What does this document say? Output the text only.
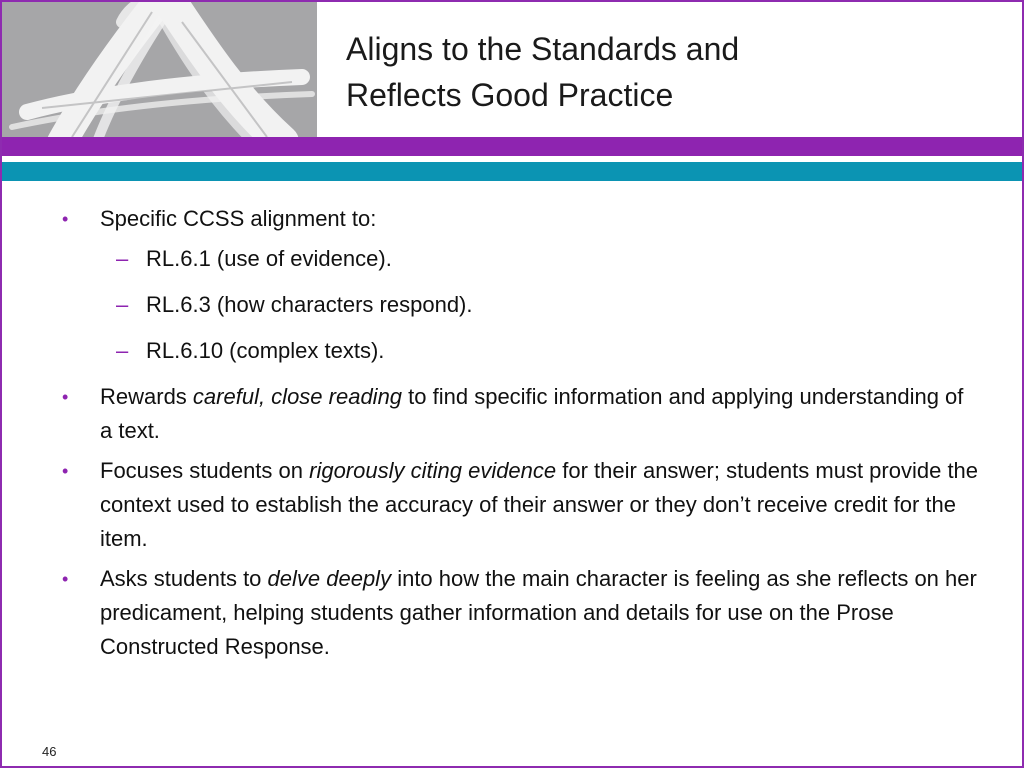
Aligns to the Standards and
Reflects Good Practice
• Specific CCSS alignment to:
– RL.6.1 (use of evidence).
– RL.6.3 (how characters respond).
– RL.6.10 (complex texts).
• Rewards careful, close reading to find specific information and applying understanding of a text.
• Focuses students on rigorously citing evidence for their answer; students must provide the context used to establish the accuracy of their answer or they don’t receive credit for the item.
• Asks students to delve deeply into how the main character is feeling as she reflects on her predicament, helping students gather information and details for use on the Prose Constructed Response.
46
